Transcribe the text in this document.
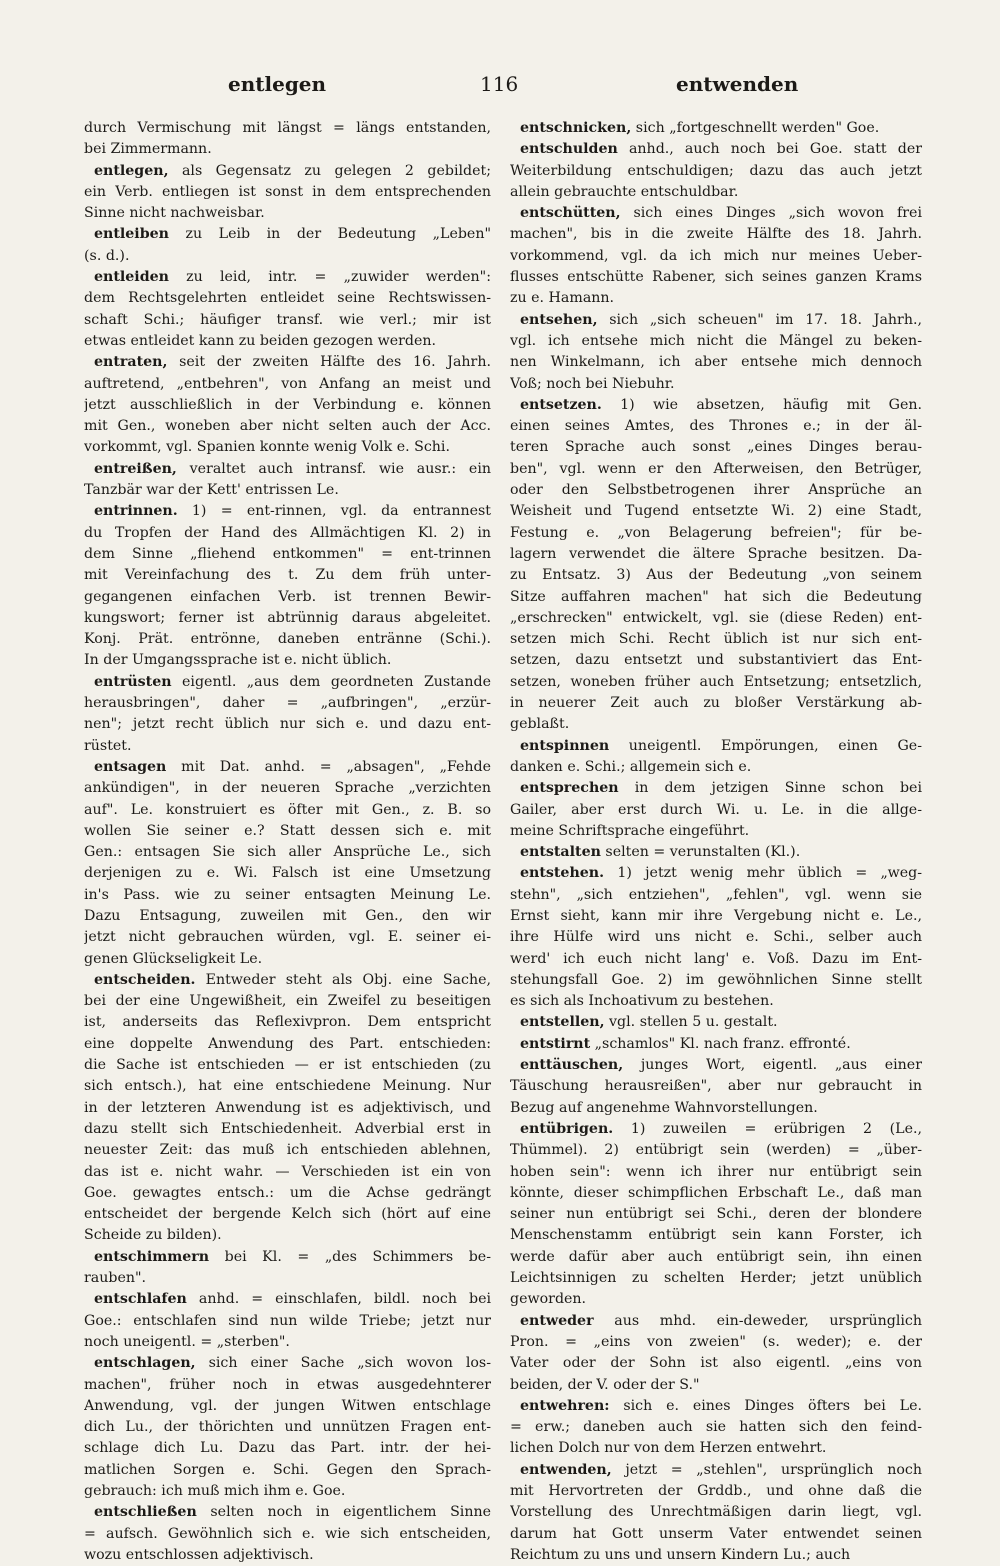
entlegen	116	entwenden
durch Vermischung mit längst = längs entstanden,
bei Zimmermann.
entlegen, als Gegensatz zu gelegen 2 gebildet;
ein Verb. entliegen ist sonst in dem entsprechenden
Sinne nicht nachweisbar.
entleiben zu Leib in der Bedeutung „Leben"
(s. d.).
entleiden zu leid, intr. = „zuwider werden":
dem Rechtsgelehrten entleidet seine Rechtswissen-
schaft Schi.; häufiger transf. wie verl.; mir ist
etwas entleidet kann zu beiden gezogen werden.
entraten, seit der zweiten Hälfte des 16. Jahrh.
auftretend, „entbehren", von Anfang an meist und
jetzt ausschließlich in der Verbindung e. können
mit Gen., woneben aber nicht selten auch der Acc.
vorkommt, vgl. Spanien konnte wenig Volk e. Schi.
entreißen, veraltet auch intransf. wie ausr.: ein
Tanzbär war der Kett' entrissen Le.
entrinnen. 1) = ent-rinnen, vgl. da entrannest
du Tropfen der Hand des Allmächtigen Kl. 2) in
dem Sinne „fliehend entkommen" = ent-trinnen
mit Vereinfachung des t. Zu dem früh unter-
gegangenen einfachen Verb. ist trennen Bewir-
kungswort; ferner ist abtrünnig daraus abgeleitet.
Konj. Prät. entrönne, daneben entränne (Schi.).
In der Umgangssprache ist e. nicht üblich.
entrüsten eigentl. „aus dem geordneten Zustande
herausbringen", daher = „aufbringen", „erzür-
nen"; jetzt recht üblich nur sich e. und dazu ent-
rüstet.
entsagen mit Dat. anhd. = „absagen", „Fehde
ankündigen", in der neueren Sprache „verzichten
auf". Le. konstruiert es öfter mit Gen., z. B. so
wollen Sie seiner e.? Statt dessen sich e. mit
Gen.: entsagen Sie sich aller Ansprüche Le., sich
derjenigen zu e. Wi. Falsch ist eine Umsetzung
in's Pass. wie zu seiner entsagten Meinung Le.
Dazu Entsagung, zuweilen mit Gen., den wir
jetzt nicht gebrauchen würden, vgl. E. seiner ei-
genen Glückseligkeit Le.
entscheiden. Entweder steht als Obj. eine Sache,
bei der eine Ungewißheit, ein Zweifel zu beseitigen
ist, anderseits das Reflexivpron. Dem entspricht
eine doppelte Anwendung des Part. entschieden:
die Sache ist entschieden — er ist entschieden (zu
sich entsch.), hat eine entschiedene Meinung. Nur
in der letzteren Anwendung ist es adjektivisch, und
dazu stellt sich Entschiedenheit. Adverbial erst in
neuester Zeit: das muß ich entschieden ablehnen,
das ist e. nicht wahr. — Verschieden ist ein von
Goe. gewagtes entsch.: um die Achse gedrängt
entscheidet der bergende Kelch sich (hört auf eine
Scheide zu bilden).
entschimmern bei Kl. = „des Schimmers be-
rauben".
entschlafen anhd. = einschlafen, bildl. noch bei
Goe.: entschlafen sind nun wilde Triebe; jetzt nur
noch uneigentl. = „sterben".
entschlagen, sich einer Sache „sich wovon los-
machen", früher noch in etwas ausgedehnterer
Anwendung, vgl. der jungen Witwen entschlage
dich Lu., der thörichten und unnützen Fragen ent-
schlage dich Lu. Dazu das Part. intr. der hei-
matlichen Sorgen e. Schi. Gegen den Sprach-
gebrauch: ich muß mich ihm e. Goe.
entschließen selten noch in eigentlichem Sinne
= aufsch. Gewöhnlich sich e. wie sich entscheiden,
wozu entschlossen adjektivisch.
entschnicken, sich „fortgeschnellt werden" Goe.
entschulden anhd., auch noch bei Goe. statt der
Weiterbildung entschuldigen; dazu das auch jetzt
allein gebrauchte entschuldbar.
entschütten, sich eines Dinges „sich wovon frei
machen", bis in die zweite Hälfte des 18. Jahrh.
vorkommend, vgl. da ich mich nur meines Ueber-
flusses entschütte Rabener, sich seines ganzen Krams
zu e. Hamann.
entsehen, sich „sich scheuen" im 17. 18. Jahrh.,
vgl. ich entsehe mich nicht die Mängel zu beken-
nen Winkelmann, ich aber entsehe mich dennoch
Voß; noch bei Niebuhr.
entsetzen. 1) wie absetzen, häufig mit Gen.
einen seines Amtes, des Thrones e.; in der äl-
teren Sprache auch sonst „eines Dinges berau-
ben", vgl. wenn er den Afterweisen, den Betrüger,
oder den Selbstbetrogenen ihrer Ansprüche an
Weisheit und Tugend entsetzte Wi. 2) eine Stadt,
Festung e. „von Belagerung befreien"; für be-
lagern verwendet die ältere Sprache besitzen. Da-
zu Entsatz. 3) Aus der Bedeutung „von seinem
Sitze auffahren machen" hat sich die Bedeutung
„erschrecken" entwickelt, vgl. sie (diese Reden) ent-
setzen mich Schi. Recht üblich ist nur sich ent-
setzen, dazu entsetzt und substantiviert das Ent-
setzen, woneben früher auch Entsetzung; entsetzlich,
in neuerer Zeit auch zu bloßer Verstärkung ab-
geblaßt.
entspinnen uneigentl. Empörungen, einen Ge-
danken e. Schi.; allgemein sich e.
entsprechen in dem jetzigen Sinne schon bei
Gailer, aber erst durch Wi. u. Le. in die allge-
meine Schriftsprache eingeführt.
entstalten selten = verunstalten (Kl.).
entstehen. 1) jetzt wenig mehr üblich = „weg-
stehn", „sich entziehen", „fehlen", vgl. wenn sie
Ernst sieht, kann mir ihre Vergebung nicht e. Le.,
ihre Hülfe wird uns nicht e. Schi., selber auch
werd' ich euch nicht lang' e. Voß. Dazu im Ent-
stehungsfall Goe. 2) im gewöhnlichen Sinne stellt
es sich als Inchoativum zu bestehen.
entstellen, vgl. stellen 5 u. gestalt.
entstirnt „schamlos" Kl. nach franz. effronté.
enttäuschen, junges Wort, eigentl. „aus einer
Täuschung herausreißen", aber nur gebraucht in
Bezug auf angenehme Wahnvorstellungen.
entübrigen. 1) zuweilen = erübrigen 2 (Le.,
Thümmel). 2) entübrigt sein (werden) = „über-
hoben sein": wenn ich ihrer nur entübrigt sein
könnte, dieser schimpflichen Erbschaft Le., daß man
seiner nun entübrigt sei Schi., deren der blondere
Menschenstamm entübrigt sein kann Forster, ich
werde dafür aber auch entübrigt sein, ihn einen
Leichtsinnigen zu schelten Herder; jetzt unüblich
geworden.
entweder aus mhd. ein-deweder, ursprünglich
Pron. = „eins von zweien" (s. weder); e. der
Vater oder der Sohn ist also eigentl. „eins von
beiden, der V. oder der S."
entwehren: sich e. eines Dinges öfters bei Le.
= erw.; daneben auch sie hatten sich den feind-
lichen Dolch nur von dem Herzen entwehrt.
entwenden, jetzt = „stehlen", ursprünglich noch
mit Hervortreten der Grddb., und ohne daß die
Vorstellung des Unrechtmäßigen darin liegt, vgl.
darum hat Gott unserm Vater entwendet seinen
Reichtum zu uns und unsern Kindern Lu.; auch
